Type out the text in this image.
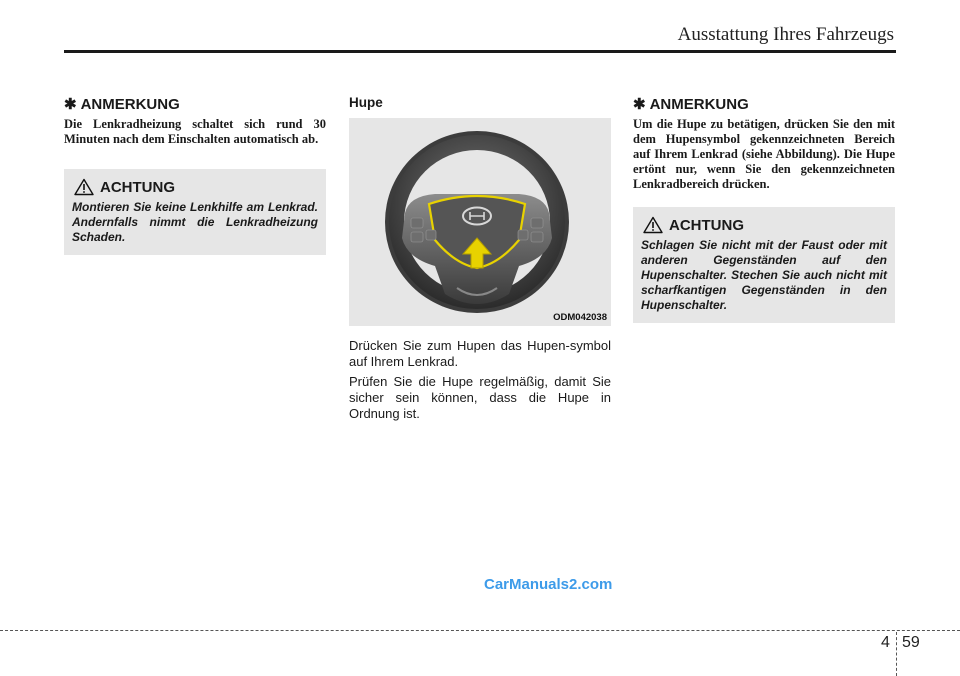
Ausstattung Ihres Fahrzeugs
✱ ANMERKUNG

Die Lenkradheizung schaltet sich rund 30 Minuten nach dem Einschalten automatisch ab.

ACHTUNG

Montieren Sie keine Lenkhilfe am Lenkrad. Andernfalls nimmt die Lenkradheizung Schaden.

Hupe
ODM042038

Drücken Sie zum Hupen das Hupen-symbol auf Ihrem Lenkrad.

Prüfen Sie die Hupe regelmäßig, damit Sie sicher sein können, dass die Hupe in Ordnung ist.

✱ ANMERKUNG

Um die Hupe zu betätigen, drücken Sie den mit dem Hupensymbol gekennzeichneten Bereich auf Ihrem Lenkrad (siehe Abbildung). Die Hupe ertönt nur, wenn Sie den gekennzeichneten Lenkradbereich drücken.

ACHTUNG

Schlagen Sie nicht mit der Faust oder mit anderen Gegenständen auf den Hupenschalter. Stechen Sie auch nicht mit scharfkantigen Gegenständen in den Hupenschalter.

CarManuals2.com
4 59
